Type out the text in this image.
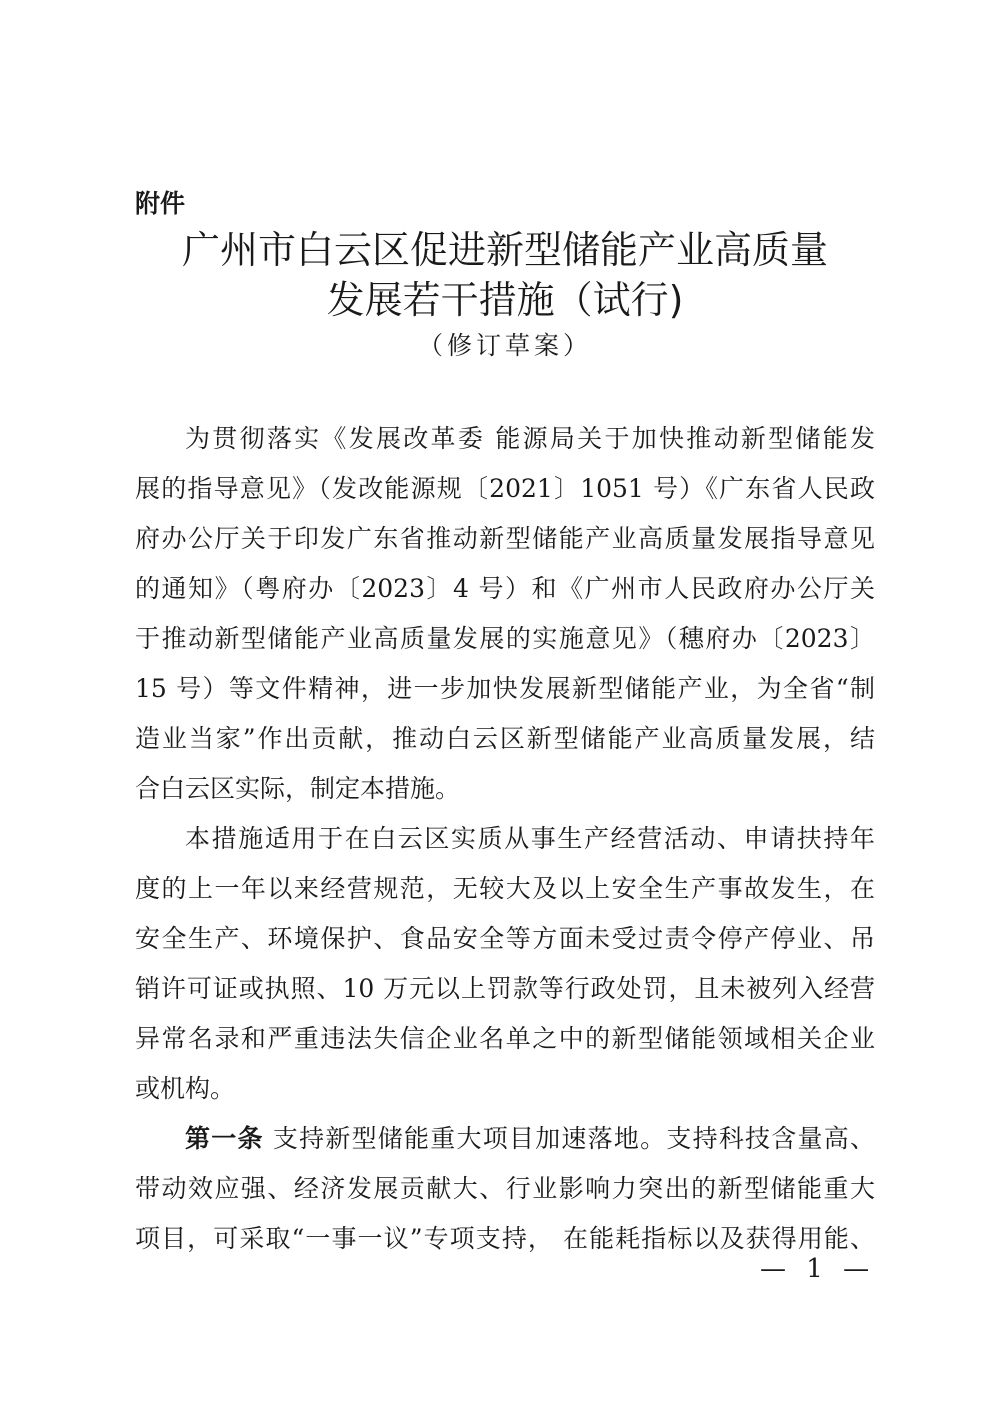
附件
广州市白云区促进新型储能产业高质量
发展若干措施（试行)
（修订草案）
为贯彻落实《发展改革委 能源局关于加快推动新型储能发
展的指导意见》（发改能源规〔2021〕1051 号）《广东省人民政
府办公厅关于印发广东省推动新型储能产业高质量发展指导意见
的通知》（粤府办〔2023〕4 号）和《广州市人民政府办公厅关
于推动新型储能产业高质量发展的实施意见》（穗府办〔2023〕
15 号）等文件精神，进一步加快发展新型储能产业，为全省“制
造业当家”作出贡献，推动白云区新型储能产业高质量发展，结
合白云区实际，制定本措施。
本措施适用于在白云区实质从事生产经营活动、申请扶持年
度的上一年以来经营规范，无较大及以上安全生产事故发生，在
安全生产、环境保护、食品安全等方面未受过责令停产停业、吊
销许可证或执照、10 万元以上罚款等行政处罚，且未被列入经营
异常名录和严重违法失信企业名单之中的新型储能领域相关企业
或机构。
第一条 支持新型储能重大项目加速落地。支持科技含量高、
带动效应强、经济发展贡献大、行业影响力突出的新型储能重大
项目，可采取“一事一议”专项支持， 在能耗指标以及获得用能、
— 1 —
